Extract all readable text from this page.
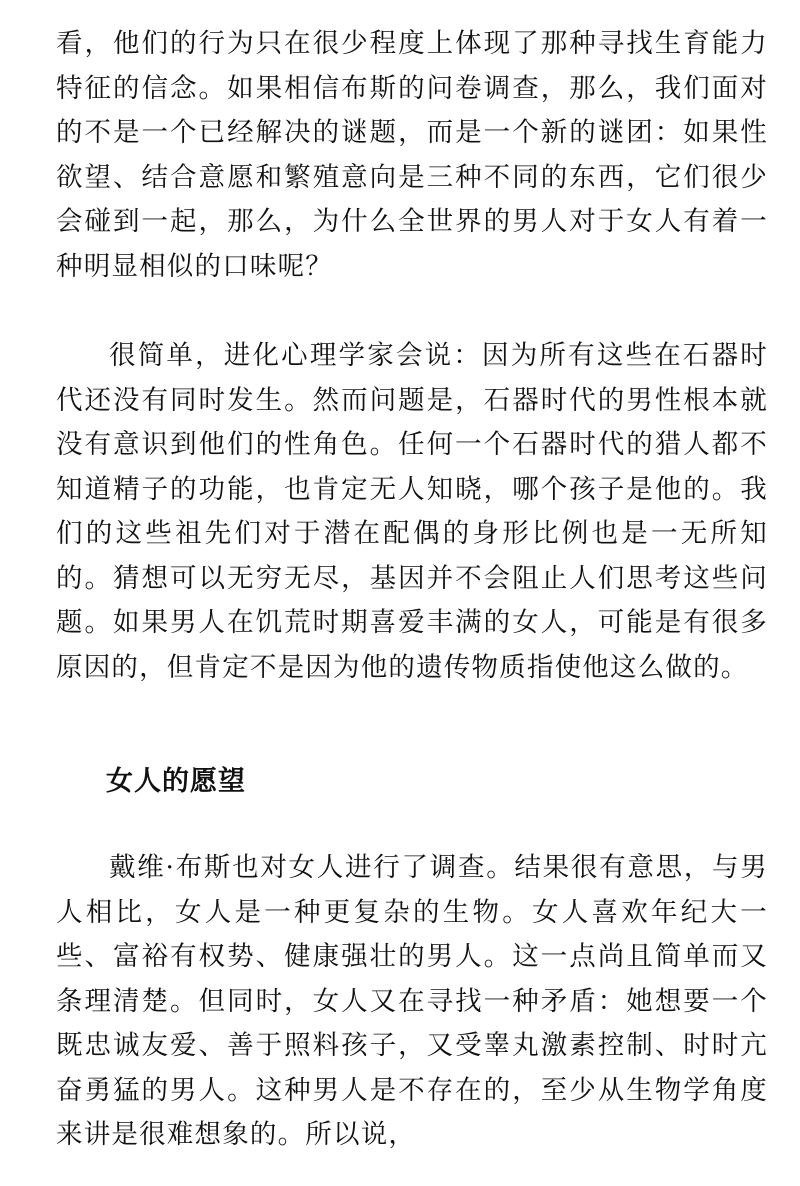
看，他们的行为只在很少程度上体现了那种寻找生育能力特征的信念。如果相信布斯的问卷调查，那么，我们面对的不是一个已经解决的谜题，而是一个新的谜团：如果性欲望、结合意愿和繁殖意向是三种不同的东西，它们很少会碰到一起，那么，为什么全世界的男人对于女人有着一种明显相似的口味呢？

很简单，进化心理学家会说：因为所有这些在石器时代还没有同时发生。然而问题是，石器时代的男性根本就没有意识到他们的性角色。任何一个石器时代的猎人都不知道精子的功能，也肯定无人知晓，哪个孩子是他的。我们的这些祖先们对于潜在配偶的身形比例也是一无所知的。猜想可以无穷无尽，基因并不会阻止人们思考这些问题。如果男人在饥荒时期喜爱丰满的女人，可能是有很多原因的，但肯定不是因为他的遗传物质指使他这么做的。

女人的愿望

戴维·布斯也对女人进行了调查。结果很有意思，与男人相比，女人是一种更复杂的生物。女人喜欢年纪大一些、富裕有权势、健康强壮的男人。这一点尚且简单而又条理清楚。但同时，女人又在寻找一种矛盾：她想要一个既忠诚友爱、善于照料孩子，又受睾丸激素控制、时时亢奋勇猛的男人。这种男人是不存在的，至少从生物学角度来讲是很难想象的。所以说，
